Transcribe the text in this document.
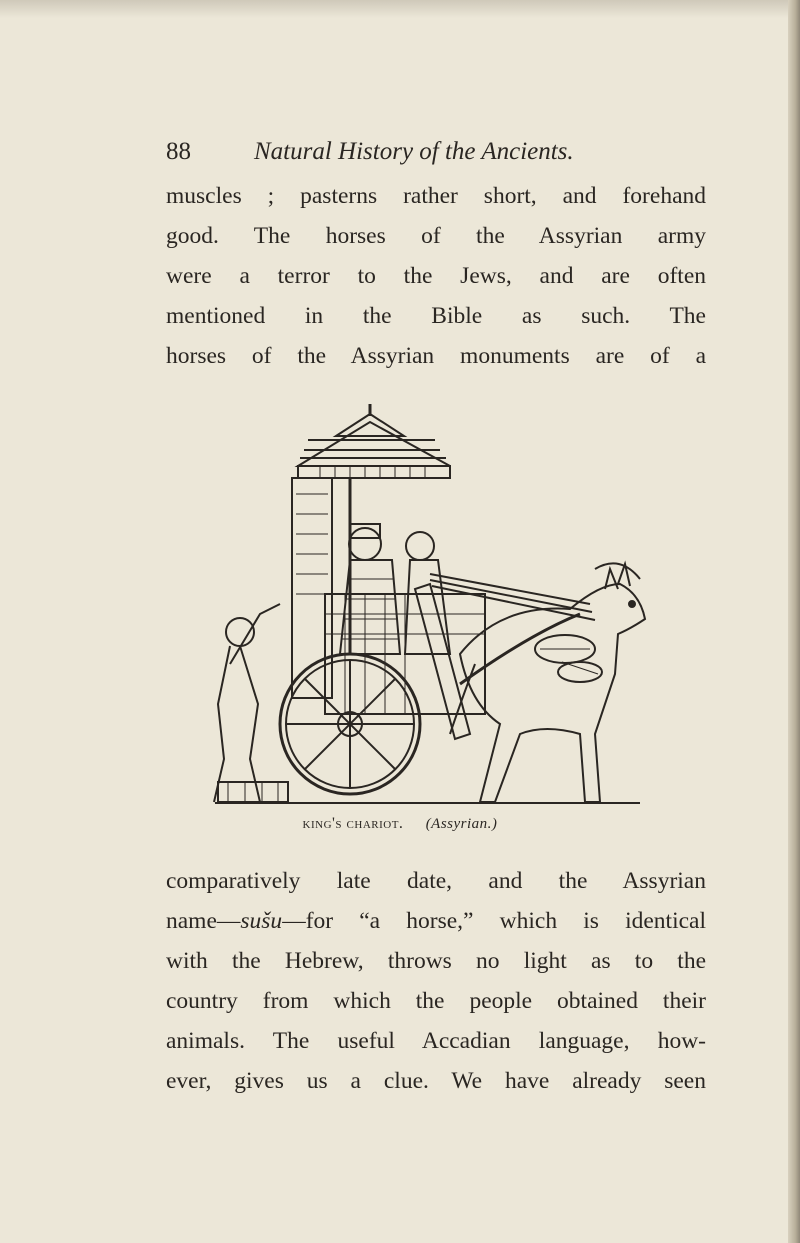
88	Natural History of the Ancients.
muscles ; pasterns rather short, and forehand
good. The horses of the Assyrian army
were a terror to the Jews, and are often
mentioned in the Bible as such. The
horses of the Assyrian monuments are of a
king's chariot. (Assyrian.)
comparatively late date, and the Assyrian
name—sušu—for “a horse,” which is identical
with the Hebrew, throws no light as to the
country from which the people obtained their
animals. The useful Accadian language, how-
ever, gives us a clue. We have already seen
